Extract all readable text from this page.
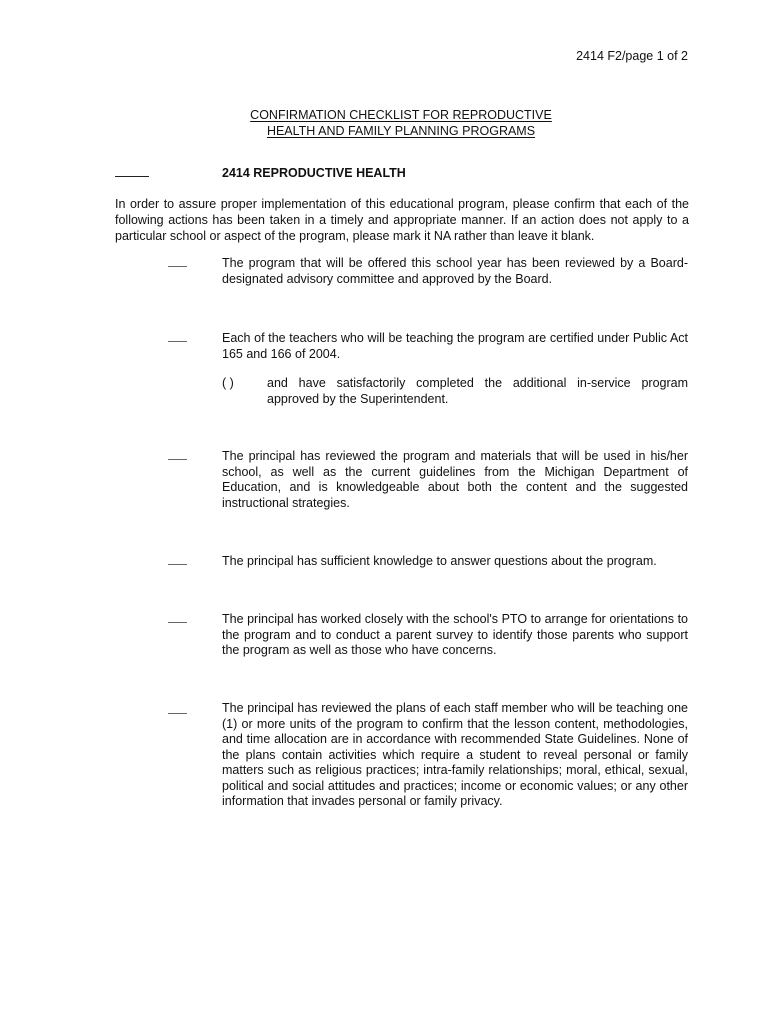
2414 F2/page 1 of 2
CONFIRMATION CHECKLIST FOR REPRODUCTIVE
HEALTH AND FAMILY PLANNING PROGRAMS
2414 REPRODUCTIVE HEALTH
In order to assure proper implementation of this educational program, please confirm that each of the following actions has been taken in a timely and appropriate manner. If an action does not apply to a particular school or aspect of the program, please mark it NA rather than leave it blank.
The program that will be offered this school year has been reviewed by a Board-designated advisory committee and approved by the Board.
Each of the teachers who will be teaching the program are certified under Public Act 165 and 166 of 2004.
( )	and have satisfactorily completed the additional in-service program approved by the Superintendent.
The principal has reviewed the program and materials that will be used in his/her school, as well as the current guidelines from the Michigan Department of Education, and is knowledgeable about both the content and the suggested instructional strategies.
The principal has sufficient knowledge to answer questions about the program.
The principal has worked closely with the school's PTO to arrange for orientations to the program and to conduct a parent survey to identify those parents who support the program as well as those who have concerns.
The principal has reviewed the plans of each staff member who will be teaching one (1) or more units of the program to confirm that the lesson content, methodologies, and time allocation are in accordance with recommended State Guidelines. None of the plans contain activities which require a student to reveal personal or family matters such as religious practices; intra-family relationships; moral, ethical, sexual, political and social attitudes and practices; income or economic values; or any other information that invades personal or family privacy.
